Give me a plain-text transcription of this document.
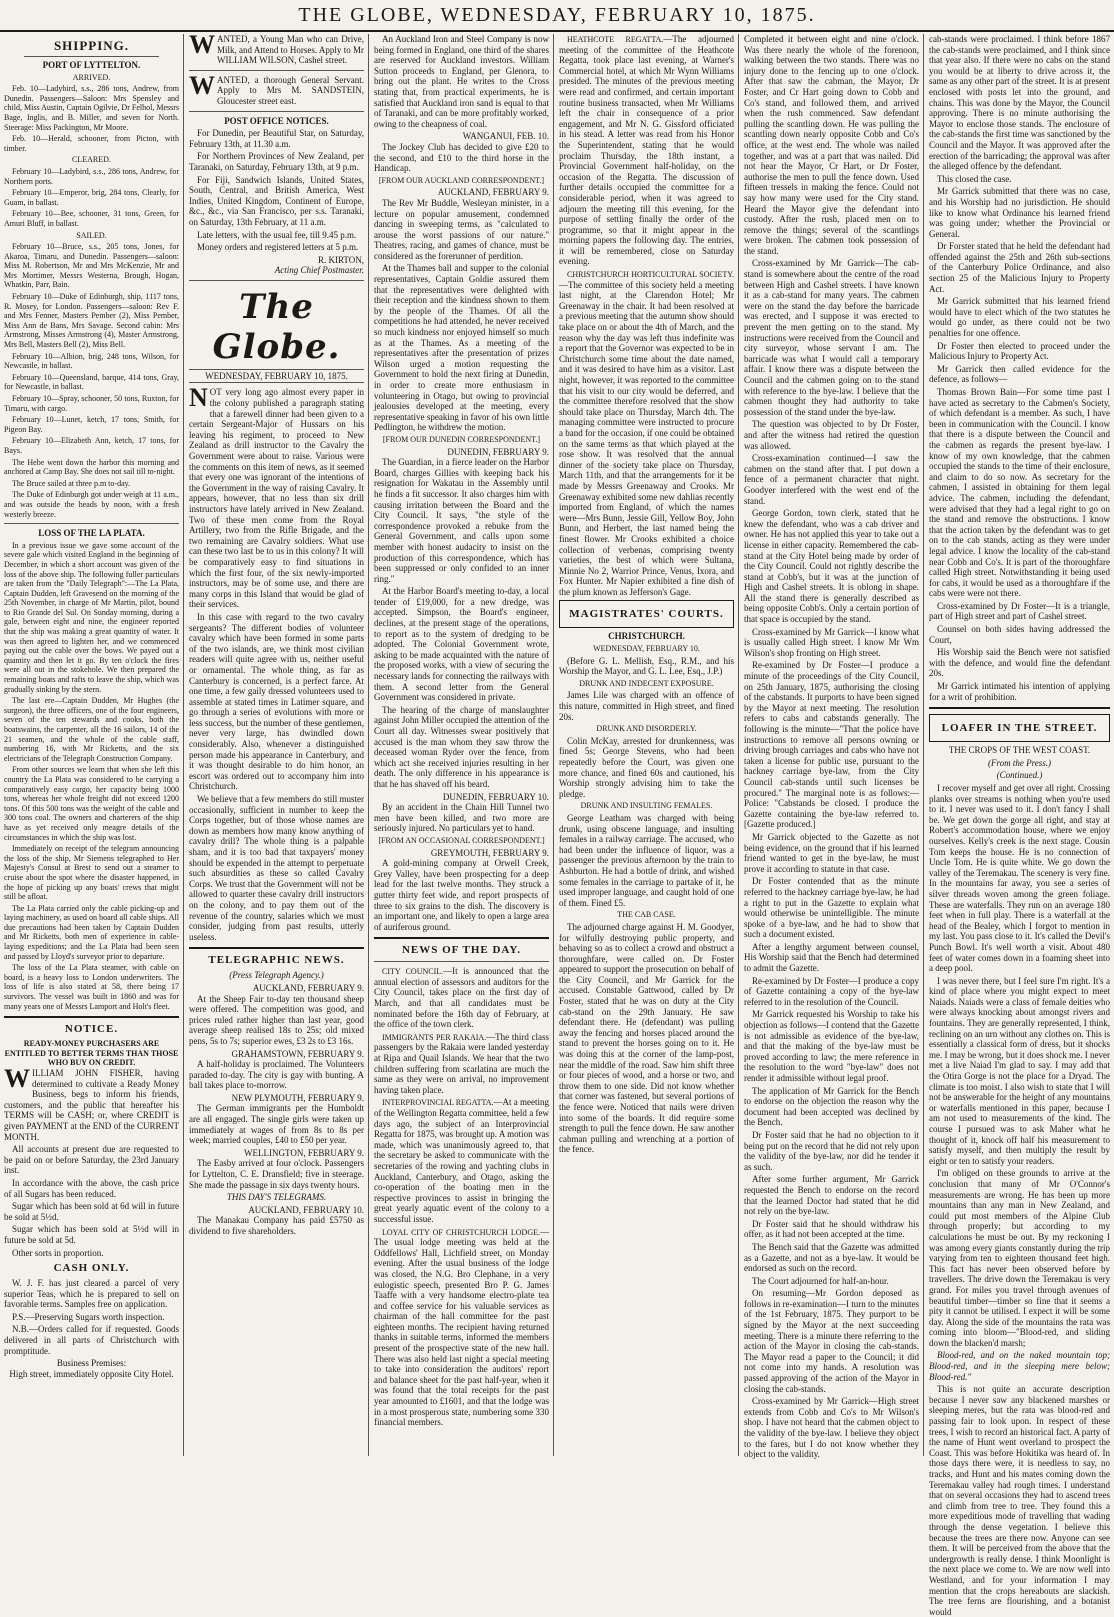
THE GLOBE, WEDNESDAY, FEBRUARY 10, 1875.
SHIPPING.
PORT OF LYTTELTON.
ARRIVED.
Feb. 10—Ladybird, s.s., 286 tons, Andrew, from Dunedin. Passengers—Saloon: Mrs Spensley and child, Miss Austin, Captain Ogilvie, Dr Felhol, Messrs Bage, Inglis, and B. Miller, and seven for North. Steerage: Miss Packington, Mr Moore.
Feb. 10—Herald, schooner, from Picton, with timber.
CLEARED.
February 10—Ladybird, s.s., 286 tons, Andrew, for Northern ports.
February 10—Emperor, brig, 284 tons, Clearly, for Guam, in ballast.
February 10—Bee, schooner, 31 tons, Green, for Amuri Bluff, in ballast.
SAILED.
February 10—Bruce, s.s., 205 tons, Jones, for Akaroa, Timaru, and Dunedin. Passengers—saloon: Miss M. Robertson, Mr and Mrs McKenzie, Mr and Mrs Mortimer, Messrs Westerna, Brough, Hogan, Whatkin, Parr, Bain.
February 10—Duke of Edinburgh, ship, 1117 tons, R. Mosey, for London. Passengers—saloon: Rev F. and Mrs Fenner, Masters Pember (2), Miss Pember, Miss Ann de Bans, Mrs Savage. Second cabin: Mrs Armstrong, Misses Armstrong (4), Master Armstrong, Mrs Bell, Masters Bell (2), Miss Bell.
February 10—Albion, brig, 248 tons, Wilson, for Newcastle, in ballast.
February 10—Queensland, barque, 414 tons, Gray, for Newcastle, in ballast.
February 10—Spray, schooner, 50 tons, Ruxton, for Timaru, with cargo.
February 10—Lunet, ketch, 17 tons, Smith, for Pigeon Bay.
February 10—Elizabeth Ann, ketch, 17 tons, for Bays.
The Hebe went down the harbor this morning and anchored at Camp Bay. She does not sail till to-night.
The Bruce sailed at three p.m to-day.
The Duke of Edinburgh got under weigh at 11 a.m., and was outside the heads by noon, with a fresh westerly breeze.
LOSS OF THE LA PLATA.
In a previous issue we gave some account of the severe gale which visited England in the beginning of December, in which a short account was given of the loss of the above ship. The following fuller particulars are taken from the "Daily Telegraph":—The La Plata, Captain Dudden, left Gravesend on the morning of the 25th November, in charge of Mr Martin, pilot, bound to Rio Grande del Sul. On Sunday morning, during a gale, between eight and nine, the engineer reported that the ship was making a great quantity of water. It was then agreed to lighten her, and we commenced paying out the cable over the bows. We payed out a quantity and then let it go. By ten o'clock the fires were all out in the stokehole. We then prepared the remaining boats and rafts to leave the ship, which was gradually sinking by the stern.
The last ere—Captain Dudden, Mr Hughes (the surgeon), the three officers, one of the four engineers, seven of the ten stewards and cooks, both the boatswains, the carpenter, all the 16 sailors, 14 of the 21 seamen, and the whole of the cable staff, numbering 16, with Mr Ricketts, and the six electricians of the Telegraph Construction Company.
From other sources we learn that when she left this country the La Plata was considered to be carrying a comparatively easy cargo, her capacity being 1000 tons, whereas her whole freight did not exceed 1200 tons. Of this 500 tons was the weight of the cable and 300 tons coal. The owners and charterers of the ship have as yet received only meagre details of the circumstances in which the ship was lost.
Immediately on receipt of the telegram announcing the loss of the ship, Mr Siemens telegraphed to Her Majesty's Consul at Brest to send out a steamer to cruise about the spot where the disaster happened, in the hope of picking up any boats' crews that might still be afloat.
The La Plata carried only the cable picking-up and laying machinery, as used on board all cable ships. All due precautions had been taken by Captain Dudden and Mr Ricketts, both men of experience in cable-laying expeditions; and the La Plata had been seen and passed by Lloyd's surveyor prior to departure.
The loss of the La Plata steamer, with cable on board, is a heavy loss to London underwriters. The loss of life is also stated at 58, there being 17 survivors. The vessel was built in 1860 and was for many years one of Messrs Lamport and Holt's fleet.
NOTICE.
READY-MONEY PURCHASERS ARE ENTITLED TO BETTER TERMS THAN THOSE WHO BUY ON CREDIT.
WILLIAM JOHN FISHER, having determined to cultivate a Ready Money Business, begs to inform his friends, customers, and the public that hereafter his TERMS will be CASH; or, where CREDIT is given PAYMENT at the END of the CURRENT MONTH.
All accounts at present due are requested to be paid on or before Saturday, the 23rd January inst.
In accordance with the above, the cash price of all Sugars has been reduced.
Sugar which has been sold at 6d will in future be sold at 5½d.
Sugar which has been sold at 5½d will in future be sold at 5d.
Other sorts in proportion.
CASH ONLY.
W. J. F. has just cleared a parcel of very superior Teas, which he is prepared to sell on favorable terms. Samples free on application.
P.S.—Preserving Sugars worth inspection.
N.B.—Orders called for if requested. Goods delivered in all parts of Christchurch with promptitude.
Business Premises:
High street, immediately opposite City Hotel.
WANTED, a Young Man who can Drive, Milk, and Attend to Horses. Apply to Mr WILLIAM WILSON, Cashel street.
WANTED, a thorough General Servant. Apply to Mrs M. SANDSTEIN, Gloucester street east.
POST OFFICE NOTICES.
For Dunedin, per Beautiful Star, on Saturday, February 13th, at 11.30 a.m.
For Northern Provinces of New Zealand, per Taranaki, on Saturday, February 13th, at 9 p.m.
For Fiji, Sandwich Islands, United States, South, Central, and British America, West Indies, United Kingdom, Continent of Europe, &c., &c., via San Francisco, per s.s. Taranaki, on Saturday, 13th February, at 11 a.m.
Late letters, with the usual fee, till 9.45 p.m.
Money orders and registered letters at 5 p.m.
R. KIRTON,
Acting Chief Postmaster.
The Globe.
WEDNESDAY, FEBRUARY 10, 1875.
NOT very long ago almost every paper in the colony published a paragraph stating that a farewell dinner had been given to a certain Sergeant-Major of Hussars on his leaving his regiment, to proceed to New Zealand as drill instructor to the Cavalry the Government were about to raise. Various were the comments on this item of news, as it seemed that every one was ignorant of the intentions of the Government in the way of raising Cavalry. It appears, however, that no less than six drill instructors have lately arrived in New Zealand. Two of these men come from the Royal Artillery, two from the Rifle Brigade, and the two remaining are Cavalry soldiers. What use can these two last be to us in this colony? It will be comparatively easy to find situations in which the first four, of the six newly-imported instructors, may be of some use, and there are many corps in this Island that would be glad of their services.
In this case with regard to the two cavalry sergeants? The different bodies of volunteer cavalry which have been formed in some parts of the two islands, are, we think most civilian readers will quite agree with us, neither useful or ornamental. The whole thing, as far as Canterbury is concerned, is a perfect farce. At one time, a few gaily dressed volunteers used to assemble at stated times in Latimer square, and go through a series of evolutions with more or less success, but the number of these gentlemen, never very large, has dwindled down considerably. Also, whenever a distinguished person made his appearance in Canterbury, and it was thought desirable to do him honor, an escort was ordered out to accompany him into Christchurch.
We believe that a few members do still muster occasionally, sufficient in number to keep the Corps together, but of those whose names are down as members how many know anything of cavalry drill? The whole thing is a palpable sham, and it is too bad that taxpayers' money should be expended in the attempt to perpetuate such absurdities as these so called Cavalry Corps. We trust that the Government will not be allowed to quarter these cavalry drill instructors on the colony, and to pay them out of the revenue of the country, salaries which we must consider, judging from past results, utterly useless.
TELEGRAPHIC NEWS.
(Press Telegraph Agency.)
AUCKLAND, FEBRUARY 9.
At the Sheep Fair to-day ten thousand sheep were offered. The competition was good, and prices ruled rather higher than last year, good average sheep realised 18s to 25s; old mixed pens, 5s to 7s; superior ewes, £3 2s to £3 16s.
GRAHAMSTOWN, FEBRUARY 9.
A half-holiday is proclaimed. The Volunteers paraded to-day. The city is gay with bunting. A ball takes place to-morrow.
NEW PLYMOUTH, FEBRUARY 9.
The German immigrants per the Humboldt are all engaged. The single girls were taken up immediately at wages of from 8s to 8s per week; married couples, £40 to £50 per year.
WELLINGTON, FEBRUARY 9.
The Easby arrived at four o'clock. Passengers for Lyttelton, C. E. Dransfield; five in steerage. She made the passage in six days twenty hours.
THIS DAY'S TELEGRAMS.
AUCKLAND, FEBRUARY 10.
The Manakau Company has paid £5750 as dividend to five shareholders.
An Auckland Iron and Steel Company is now being formed in England, one third of the shares are reserved for Auckland investors. William Sutton proceeds to England, per Glenora, to bring out the plant. He writes to the Cross stating that, from practical experiments, he is satisfied that Auckland iron sand is equal to that of Taranaki, and can be more profitably worked, owing to the cheapness of coal.
WANGANUI, FEB. 10.
The Jockey Club has decided to give £20 to the second, and £10 to the third horse in the Handicap.
[FROM OUR AUCKLAND CORRESPONDENT.]
AUCKLAND, FEBRUARY 9.
The Rev Mr Buddle, Wesleyan minister, in a lecture on popular amusement, condemned dancing in sweeping terms, as "calculated to arouse the worst passions of our nature." Theatres, racing, and games of chance, must be considered as the forerunner of perdition.
At the Thames ball and supper to the colonial representatives, Captain Goldie assured them that the representatives were delighted with their reception and the kindness shown to them by the people of the Thames. Of all the competitions he had attended, he never received so much kindness nor enjoyed himself so much as at the Thames. As a meeting of the representatives after the presentation of prizes Wilson urged a motion requesting the Government to hold the next firing at Dunedin, in order to create more enthusiasm in volunteering in Otago, but owing to provincial jealousies developed at the meeting, every representative speaking in favor of his own little Pedlington, he withdrew the motion.
[FROM OUR DUNEDIN CORRESPONDENT.]
DUNEDIN, FEBRUARY 9.
The Guardian, in a fierce leader on the Harbor Board, charges Gillies with keeping back his resignation for Wakatau in the Assembly until he finds a fit successor. It also charges him with causing irritation between the Board and the City Council. It says, "the style of the correspondence provoked a rebuke from the General Government, and calls upon some member with honest audacity to insist on the production of this correspondence, which has been suppressed or only confided to an inner ring."
At the Harbor Board's meeting to-day, a local tender of £19,000, for a new dredge, was accepted. Simpson, the Board's engineer, declines, at the present stage of the operations, to report as to the system of dredging to be adopted. The Colonial Government wrote, asking to be made acquainted with the nature of the proposed works, with a view of securing the necessary lands for connecting the railways with them. A second letter from the General Government was considered in private.
The hearing of the charge of manslaughter against John Miller occupied the attention of the Court all day. Witnesses swear positively that accused is the man whom they saw throw the deceased woman Ryder over the fence, from which act she received injuries resulting in her death. The only difference in his appearance is that he has shaved off his beard.
DUNEDIN, FEBRUARY 10.
By an accident in the Chain Hill Tunnel two men have been killed, and two more are seriously injured. No particulars yet to hand.
[FROM AN OCCASIONAL CORRESPONDENT.]
GREYMOUTH, FEBRUARY 9.
A gold-mining company at Orwell Creek, Grey Valley, have been prospecting for a deep lead for the last twelve months. They struck a gutter thirty feet wide, and report prospects of three to six grains to the dish. The discovery is an important one, and likely to open a large area of auriferous ground.
NEWS OF THE DAY.
CITY COUNCIL.—It is announced that the annual election of assessors and auditors for the City Council, takes place on the first day of March, and that all candidates must be nominated before the 16th day of February, at the office of the town clerk.
IMMIGRANTS PER RAKAIA.—The third class passengers by the Rakaia were landed yesterday at Ripa and Quail Islands. We hear that the two children suffering from scarlatina are much the same as they were on arrival, no improvement having taken place.
INTERPROVINCIAL REGATTA.—At a meeting of the Wellington Regatta committee, held a few days ago, the subject of an Interprovincial Regatta for 1875, was brought up. A motion was made, which was unanimously agreed to, that the secretary be asked to communicate with the secretaries of the rowing and yachting clubs in Auckland, Canterbury, and Otago, asking the co-operation of the boating men in the respective provinces to assist in bringing the great yearly aquatic event of the colony to a successful issue.
LOYAL CITY OF CHRISTCHURCH LODGE.—The usual lodge meeting was held at the Oddfellows' Hall, Lichfield street, on Monday evening. After the usual business of the lodge was closed, the N.G. Bro Clephane, in a very eulogistic speech, presented Bro P. G. James Taaffe with a very handsome electro-plate tea and coffee service for his valuable services as chairman of the hall committee for the past eighteen months. The recipient having returned thanks in suitable terms, informed the members present of the prospective state of the new hall. There was also held last night a special meeting to take into consideration the auditors' report and balance sheet for the past half-year, when it was found that the total receipts for the past year amounted to £1601, and that the lodge was in a most prosperous state, numbering some 330 financial members.
HEATHCOTE REGATTA.—The adjourned meeting of the committee of the Heathcote Regatta, took place last evening, at Warner's Commercial hotel, at which Mr Wynn Williams presided. The minutes of the previous meeting were read and confirmed, and certain important routine business transacted, when Mr Williams left the chair in consequence of a prior engagement, and Mr N. G. Gissford officiated in his stead. A letter was read from his Honor the Superintendent, stating that he would proclaim Thursday, the 18th instant, a Provincial Government half-holiday, on the occasion of the Regatta. The discussion of further details occupied the committee for a considerable period, when it was agreed to adjourn the meeting till this evening, for the purpose of settling finally the order of the programme, so that it might appear in the morning papers the following day. The entries, it will be remembered, close on Saturday evening.
CHRISTCHURCH HORTICULTURAL SOCIETY.—The committee of this society held a meeting last night, at the Clarendon Hotel; Mr Greenaway in the chair. It had been resolved at a previous meeting that the autumn show should take place on or about the 4th of March, and the reason why the day was left thus indefinite was a report that the Governor was expected to be in Christchurch some time about the date named, and it was desired to have him as a visitor. Last night, however, it was reported to the committee that his visit to our city would be deferred, and the committee therefore resolved that the show should take place on Thursday, March 4th. The managing committee were instructed to procure a band for the occasion, if one could be obtained on the same terms as that which played at the rose show. It was resolved that the annual dinner of the society take place on Thursday, March 11th, and that the arrangements for it be made by Messrs Greenaway and Crooks. Mr Greenaway exhibited some new dahlias recently imported from England, of which the names were—Mrs Bunn, Jessie Gill, Yellow Boy, John Bunn, and Herbert, the last named being the finest flower. Mr Crooks exhibited a choice collection of verbenas, comprising twenty varieties, the best of which were Sultana, Minnie No 2, Warrior Prince, Venus, Ixora, and Fox Hunter. Mr Napier exhibited a fine dish of the plum known as Jefferson's Gage.
MAGISTRATES' COURTS.
CHRISTCHURCH.
WEDNESDAY, FEBRUARY 10.
(Before G. L. Mellish, Esq., R.M., and his Worship the Mayor, and G. L. Lee, Esq., J.P.)
DRUNK AND INDECENT EXPOSURE.
James Lile was charged with an offence of this nature, committed in High street, and fined 20s.
DRUNK AND DISORDERLY.
Colin McKay, arrested for drunkenness, was fined 5s; George Stevens, who had been repeatedly before the Court, was given one more chance, and fined 60s and cautioned, his Worship strongly advising him to take the pledge.
DRUNK AND INSULTING FEMALES.
George Leatham was charged with being drunk, using obscene language, and insulting females in a railway carriage. The accused, who had been under the influence of liquor, was a passenger the previous afternoon by the train to Ashburton. He had a bottle of drink, and wished some females in the carriage to partake of it, he used improper language, and caught hold of one of them. Fined £5.
THE CAB CASE.
The adjourned charge against H. M. Goodyer, for wilfully destroying public property, and behaving so as to collect a crowd and obstruct a thoroughfare, were called on. Dr Foster appeared to support the prosecution on behalf of the City Council, and Mr Garrick for the accused. Constable Gattwood, called by Dr Foster, stated that he was on duty at the City cab-stand on the 29th January. He saw defendant there. He (defendant) was pulling away the fencing and horses placed around the stand to prevent the horses going on to it. He was doing this at the corner of the lamp-post, near the middle of the road. Saw him shift three or four pieces of wood, and a horse or two, and throw them to one side. Did not know whether that corner was fastened, but several portions of the fence were. Noticed that nails were driven into some of the boards. It did require some strength to pull the fence down. He saw another cabman pulling and wrenching at a portion of the fence.
Completed it between eight and nine o'clock. Was there nearly the whole of the forenoon, walking between the two stands. There was no injury done to the fencing up to one o'clock. After that saw the cabman, the Mayor, Dr Foster, and Cr Hart going down to Cobb and Co's stand, and followed them, and arrived when the rush commenced. Saw defendant pulling the scantling down. He was pulling the scantling down nearly opposite Cobb and Co's office, at the west end. The whole was nailed together, and was at a part that was nailed. Did not hear the Mayor, Cr Hart, or Dr Foster, authorise the men to pull the fence down. Used fifteen tressels in making the fence. Could not say how many were used for the City stand. Heard the Mayor give the defendant into custody. After the rush, placed men on to remove the things; several of the scantlings were broken. The cabmen took possession of the stand.
Cross-examined by Mr Garrick—The cab-stand is somewhere about the centre of the road between High and Cashel streets. I have known it as a cab-stand for many years. The cabmen were on the stand the day before the barricade was erected, and I suppose it was erected to prevent the men getting on to the stand. My instructions were received from the Council and city surveyor, whose servant I am. The barricade was what I would call a temporary affair. I know there was a dispute between the Council and the cabmen going on to the stand with reference to the bye-law. I believe that the cabmen thought they had authority to take possession of the stand under the bye-law.
The question was objected to by Dr Foster, and after the witness had retired the question was allowed.
Cross-examination continued—I saw the cabmen on the stand after that. I put down a fence of a permanent character that night. Goodyer interfered with the west end of the stand.
George Gordon, town clerk, stated that he knew the defendant, who was a cab driver and owner. He has not applied this year to take out a license in either capacity. Remembered the cab-stand at the City Hotel being made by order of the City Council. Could not rightly describe the stand at Cobb's, but it was at the junction of High and Cashel streets. It is oblong in shape. All the stand there is generally described as being opposite Cobb's. Only a certain portion of that space is occupied by the stand.
Cross-examined by Mr Garrick—I know what is usually called High street. I know Mr Wm Wilson's shop fronting on High street.
Re-examined by Dr Foster—I produce a minute of the proceedings of the City Council, on 25th January, 1875, authorising the closing of the cabstands. It purports to have been signed by the Mayor at next meeting. The resolution refers to cabs and cabstands generally. The following is the minute—"That the police have instructions to remove all persons owning or driving brough carriages and cabs who have not taken a license for public use, pursuant to the hackney carriage bye-law, from the City Council cab-stands until such licenses be procured." The marginal note is as follows:—Police: "Cabstands be closed. I produce the Gazette containing the bye-law referred to. [Gazette produced.]
Mr Garrick objected to the Gazette as not being evidence, on the ground that if his learned friend wanted to get in the bye-law, he must prove it according to statute in that case.
Dr Foster contended that as the minute referred to the hackney carriage bye-law, he had a right to put in the Gazette to explain what would otherwise be unintelligible. The minute spoke of a bye-law, and he had to show that such a document existed.
After a lengthy argument between counsel, His Worship said that the Bench had determined to admit the Gazette.
Re-examined by Dr Foster—I produce a copy of Gazette containing a copy of the bye-law referred to in the resolution of the Council.
Mr Garrick requested his Worship to take his objection as follows—I contend that the Gazette is not admissible as evidence of the bye-law, and that the making of the bye-law must be proved according to law; the mere reference in the resolution to the word "bye-law" does not render it admissible without legal proof.
The application of Mr Garrick for the Bench to endorse on the objection the reason why the document had been accepted was declined by the Bench.
Dr Foster said that he had no objection to it being put on the record that he did not rely upon the validity of the bye-law, nor did he tender it as such.
After some further argument, Mr Garrick requested the Bench to endorse on the record that the learned Doctor had stated that he did not rely on the bye-law.
Dr Foster said that he should withdraw his offer, as it had not been accepted at the time.
The Bench said that the Gazette was admitted as a Gazette, and not as a bye-law. It would be endorsed as such on the record.
The Court adjourned for half-an-hour.
On resuming—Mr Gordon deposed as follows in re-examination—I turn to the minutes of the 1st February, 1875. They purport to be signed by the Mayor at the next succeeding meeting. There is a minute there referring to the action of the Mayor in closing the cab-stands. The Mayor read a paper to the Council; it did not come into my hands. A resolution was passed approving of the action of the Mayor in closing the cab-stands.
Cross-examined by Mr Garrick—High street extends from Cobb and Co's to Mr Wilson's shop. I have not heard that the cabmen object to the validity of the bye-law. I believe they object to the fares, but I do not know whether they object to the validity.
cab-stands were proclaimed. I think before 1867 the cab-stands were proclaimed, and I think since that year also. If there were no cabs on the stand you would be at liberty to drive across it, the same as any other part of the street. It is at present enclosed with posts let into the ground, and chains. This was done by the Mayor, the Council approving. There is no minute authorising the Mayor to enclose those stands. The enclosure of the cab-stands the first time was sanctioned by the Council and the Mayor. It was approved after the erection of the barricading; the approval was after the alleged offence by the defendant.
This closed the case.
Mr Garrick submitted that there was no case, and his Worship had no jurisdiction. He should like to know what Ordinance his learned friend was going under; whether the Provincial or General.
Dr Forster stated that he held the defendant had offended against the 25th and 26th sub-sections of the Canterbury Police Ordinance, and also section 25 of the Malicious Injury to Property Act.
Mr Garrick submitted that his learned friend would have to elect which of the two statutes he would go under, as there could not be two penalties for one offence.
Dr Foster then elected to proceed under the Malicious Injury to Property Act.
Mr Garrick then called evidence for the defence, as follows—
Thomas Brown Bain—For some time past I have acted as secretary to the Cabmen's Society, of which defendant is a member. As such, I have been in communication with the Council. I know that there is a dispute between the Council and the cabmen as regards the present bye-law. I know of my own knowledge, that the cabmen occupied the stands to the time of their enclosure, and claim to do so now. As secretary for the cabmen, I assisted in obtaining for them legal advice. The cabmen, including the defendant, were advised that they had a legal right to go on the stand and remove the obstructions. I know that the action taken by the defendant was to get on to the cab stands, acting as they were under legal advice. I know the locality of the cab-stand near Cobb and Co's. It is part of the thoroughfare called High street. Notwithstanding it being used for cabs, it would be used as a thoroughfare if the cabs were were not there.
Cross-examined by Dr Foster—It is a triangle, part of High street and part of Cashel street.
Counsel on both sides having addressed the Court,
His Worship said the Bench were not satisfied with the defence, and would fine the defendant 20s.
Mr Garrick intimated his intention of applying for a writ of prohibition.
LOAFER IN THE STREET.
THE CROPS OF THE WEST COAST.
(From the Press.)
(Continued.)
I recover myself and get over all right. Crossing planks over streams is nothing when you're used to it. I never was used to it. I don't fancy I shall be. We get down the gorge all right, and stay at Robert's accommodation house, where we enjoy ourselves. Kelly's creek is the next stage. Cousin Tom keeps the house. He is no connection of Uncle Tom. He is quite white. We go down the valley of the Teremakau. The scenery is very fine. In the mountains far away, you see a series of silver threads woven among the green foliage. These are waterfalls. They run on an average 180 feet when in full play. There is a waterfall at the head of the Bealey, which I forgot to mention in my last. You pass close to it. It's called the Devil's Punch Bowl. It's well worth a visit. About 480 feet of water comes down in a foaming sheet into a deep pool.
I was never there, but I feel sure I'm right. It's a kind of place where you might expect to meet Naiads. Naiads were a class of female deities who were always knocking about amongst rivers and fountains. They are generally represented, I think, reclining on an urn without any clothes on. This is essentially a classical form of dress, but it shocks me. I may be wrong, but it does shock me. I never met a live Naiad I'm glad to say. I may add that the Otira Gorge is not the place for a Dryad. The climate is too moist. I also wish to state that I will not be answerable for the height of any mountains or waterfalls mentioned in this paper, because I am not used to measurements of the kind. The course I pursued was to ask Maher what he thought of it, knock off half his measurement to satisfy myself, and then multiply the result by eight or ten to satisfy your readers.
I'm obliged on these grounds to arrive at the conclusion that many of Mr O'Connor's measurements are wrong. He has been up more mountains than any man in New Zealand, and could put most members of the Alpine Club through properly; but according to my calculations he must be out. By my reckoning I was among every giants constantly during the trip varying from ten to eighteen thousand feet high. This fact has never been observed before by travellers. The drive down the Teremakau is very grand. For miles you travel through avenues of beautiful timber—timber so fine that it seems a pity it cannot be utilised. I expect it will be some day. Along the side of the mountains the rata was coming into bloom—"Blood-red, and sliding down the blacken'd marsh;
Blood-red, and on the naked mountain top; Blood-red, and in the sleeping mere below; Blood-red."
This is not quite an accurate description because I never saw any blackened marshes or sleeping meres, but the rata was blood-red and passing fair to look upon. In respect of these trees, I wish to record an historical fact. A party of the name of Hunt went overland to prospect the Coast. This was before Hokitika was heard of. In those days there were, it is needless to say, no tracks, and Hunt and his mates coming down the Teremakau valley had rough times. I understand that on several occasions they had to ascend trees and climb from tree to tree. They found this a more expeditious mode of travelling that wading through the dense vegetation. I believe this because the trees are there now. Anyone can see them. It will be perceived from the above that the undergrowth is really dense. I think Moonlight is the next place we come to. We are now well into Westland, and for your information I may mention that the crops hereabouts are slackish. The tree ferns are flourishing, and a botanist would
